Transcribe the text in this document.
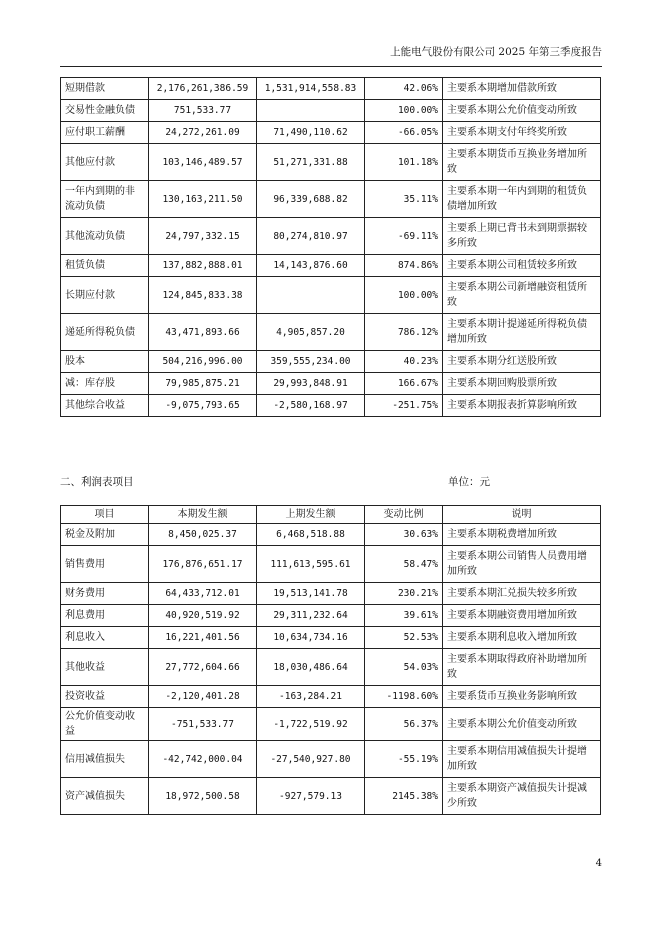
上能电气股份有限公司 2025 年第三季度报告
短期借款	2,176,261,386.59	1,531,914,558.83	42.06%	主要系本期增加借款所致
交易性金融负债	751,533.77		100.00%	主要系本期公允价值变动所致
应付职工薪酬	24,272,261.09	71,490,110.62	-66.05%	主要系本期支付年终奖所致
其他应付款	103,146,489.57	51,271,331.88	101.18%	主要系本期货币互换业务增加所致
一年内到期的非流动负债	130,163,211.50	96,339,688.82	35.11%	主要系本期一年内到期的租赁负债增加所致
其他流动负债	24,797,332.15	80,274,810.97	-69.11%	主要系上期已背书未到期票据较多所致
租赁负债	137,882,888.01	14,143,876.60	874.86%	主要系本期公司租赁较多所致
长期应付款	124,845,833.38		100.00%	主要系本期公司新增融资租赁所致
递延所得税负债	43,471,893.66	4,905,857.20	786.12%	主要系本期计提递延所得税负债增加所致
股本	504,216,996.00	359,555,234.00	40.23%	主要系本期分红送股所致
减：库存股	79,985,875.21	29,993,848.91	166.67%	主要系本期回购股票所致
其他综合收益	-9,075,793.65	-2,580,168.97	-251.75%	主要系本期报表折算影响所致
二、利润表项目	单位：元
项目	本期发生额	上期发生额	变动比例	说明
税金及附加	8,450,025.37	6,468,518.88	30.63%	主要系本期税费增加所致
销售费用	176,876,651.17	111,613,595.61	58.47%	主要系本期公司销售人员费用增加所致
财务费用	64,433,712.01	19,513,141.78	230.21%	主要系本期汇兑损失较多所致
利息费用	40,920,519.92	29,311,232.64	39.61%	主要系本期融资费用增加所致
利息收入	16,221,401.56	10,634,734.16	52.53%	主要系本期利息收入增加所致
其他收益	27,772,604.66	18,030,486.64	54.03%	主要系本期取得政府补助增加所致
投资收益	-2,120,401.28	-163,284.21	-1198.60%	主要系货币互换业务影响所致
公允价值变动收益	-751,533.77	-1,722,519.92	56.37%	主要系本期公允价值变动所致
信用减值损失	-42,742,000.04	-27,540,927.80	-55.19%	主要系本期信用减值损失计提增加所致
资产减值损失	18,972,500.58	-927,579.13	2145.38%	主要系本期资产减值损失计提减少所致
4
